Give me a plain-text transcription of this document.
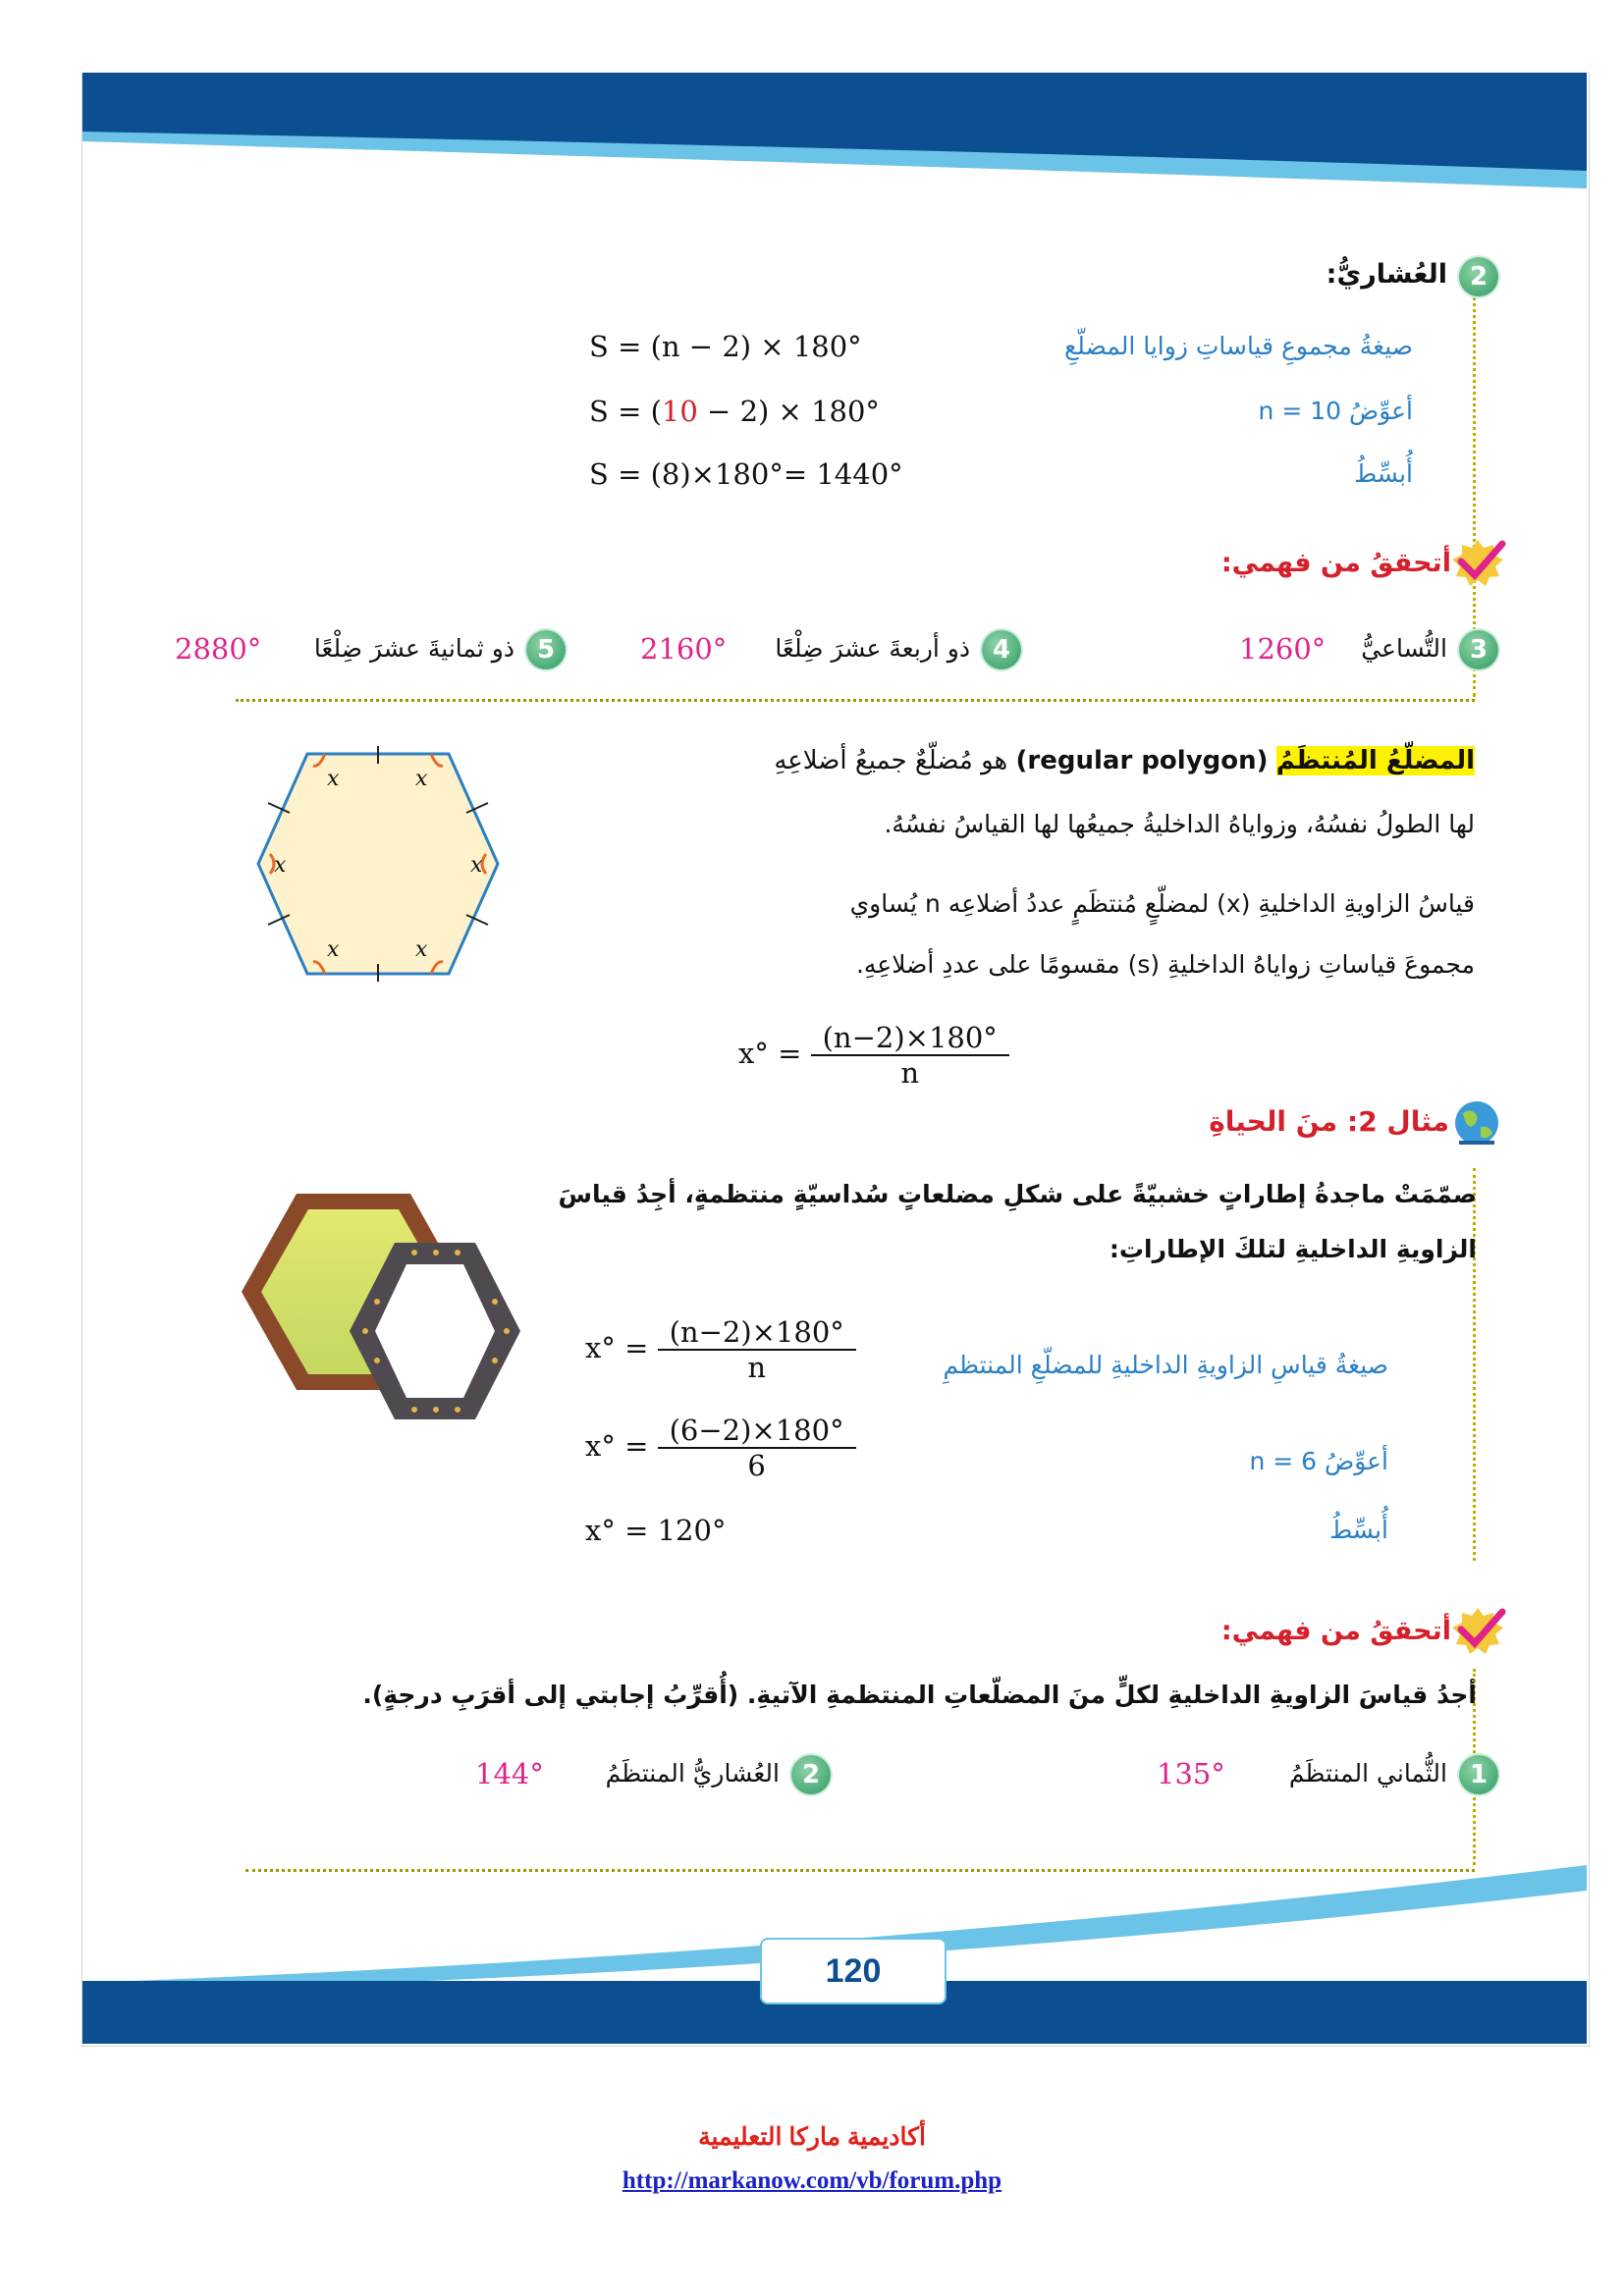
2
العُشاريُّ:
صيغةُ مجموعِ قياساتِ زوايا المضلّعِ
S = (n − 2) × 180°
أعوِّضُ n = 10
S = (10 − 2) × 180°
أُبسِّطُ
S = (8)×180°= 1440°
أتحققُ من فهمي:
3
التُّساعيُّ
1260°
4
ذو أربعةَ عشرَ ضِلْعًا
2160°
5
ذو ثمانيةَ عشرَ ضِلْعًا
2880°
المضلّعُ المُنتظَمُ (regular polygon) هو مُضلّعٌ جميعُ أضلاعِهِ
لها الطولُ نفسُهُ، وزواياهُ الداخليةُ جميعُها لها القياسُ نفسُهُ.
قياسُ الزاويةِ الداخليةِ (x) لمضلّعٍ مُنتظَمٍ عددُ أضلاعِه n يُساوي
مجموعَ قياساتِ زواياهُ الداخليةِ (s) مقسومًا على عددِ أضلاعِهِ.
$x^\circ = \frac{(n-2)\times 180^\circ}{n}$
x	x
x	x
x	x
مثال 2: منَ الحياةِ
صمّمَتْ ماجدةُ إطاراتٍ خشبيّةً على شكلِ مضلعاتٍ سُداسيّةٍ منتظمةٍ، أجِدُ قياسَ
الزاويةِ الداخليةِ لتلكَ الإطاراتِ:
صيغةُ قياسِ الزاويةِ الداخليةِ للمضلّعِ المنتظمِ
$x^\circ = \frac{(n-2)\times 180^\circ}{n}$
أعوِّضُ n = 6
$x^\circ = \frac{(6-2)\times 180^\circ}{6}$
أُبسِّطُ
x° = 120°
أتحققُ من فهمي:
أجدُ قياسَ الزاويةِ الداخليةِ لكلٍّ منَ المضلّعاتِ المنتظمةِ الآتيةِ. (أُقرِّبُ إجابتي إلى أقرَبِ درجةٍ).
1
الثُّماني المنتظَمُ
135°
2
العُشاريُّ المنتظَمُ
144°
120
أكاديمية ماركا التعليمية
http://markanow.com/vb/forum.php
